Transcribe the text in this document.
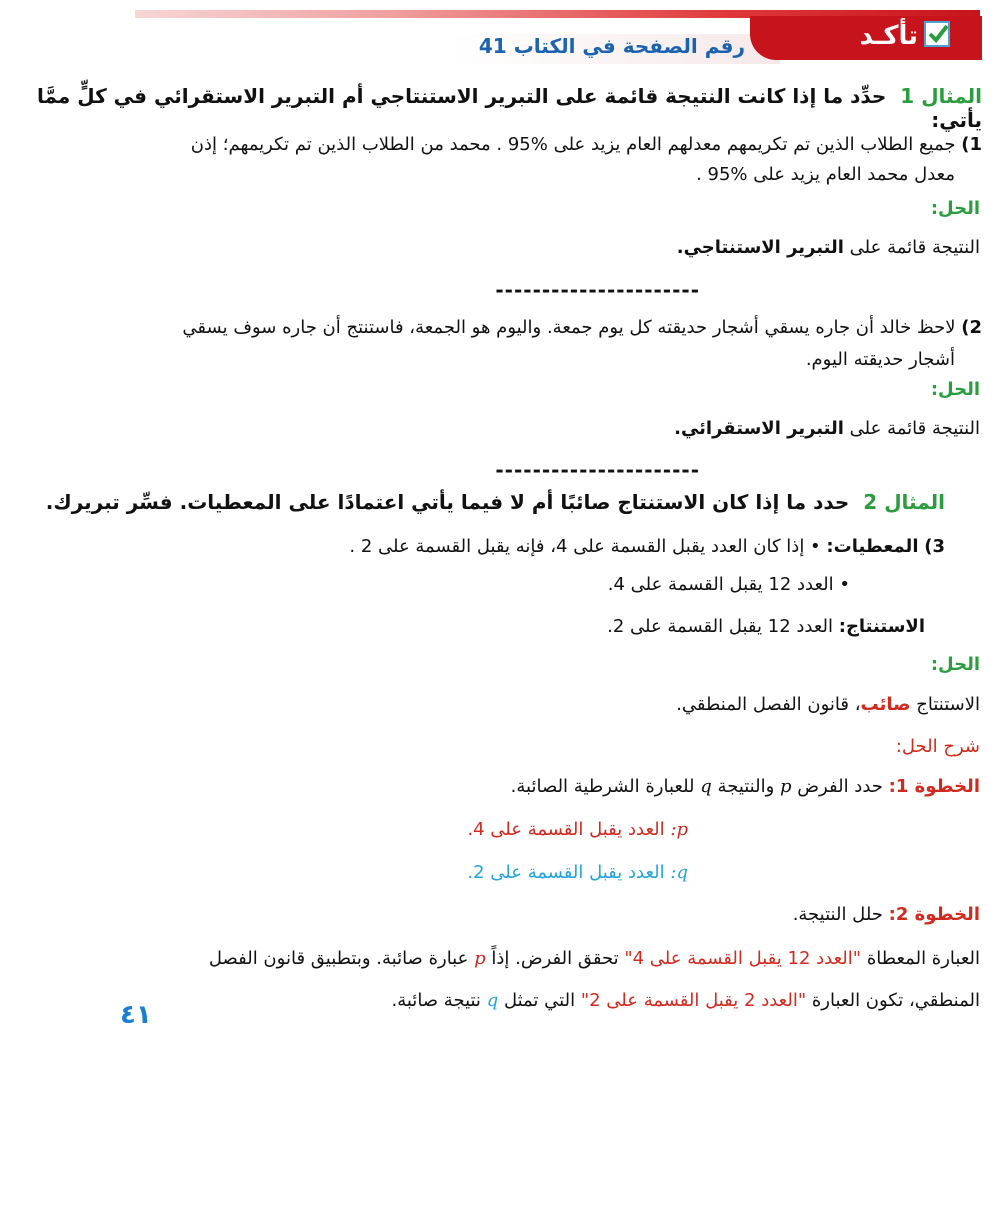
تأكـد
رقم الصفحة في الكتاب 41
المثال 1  حدِّد ما إذا كانت النتيجة قائمة على التبرير الاستنتاجي أم التبرير الاستقرائي في كلٍّ ممَّا يأتي:
1) جميع الطلاب الذين تم تكريمهم معدلهم العام يزيد على %95 . محمد من الطلاب الذين تم تكريمهم؛ إذن
معدل محمد العام يزيد على %95 .
الحل:
النتيجة قائمة على التبرير الاستنتاجي.
----------------------
2) لاحظ خالد أن جاره يسقي أشجار حديقته كل يوم جمعة. واليوم هو الجمعة، فاستنتج أن جاره سوف يسقي
أشجار حديقته اليوم.
الحل:
النتيجة قائمة على التبرير الاستقرائي.
----------------------
المثال 2  حدد ما إذا كان الاستنتاج صائبًا أم لا فيما يأتي اعتمادًا على المعطيات. فسِّر تبريرك.
3) المعطيات: • إذا كان العدد يقبل القسمة على 4، فإنه يقبل القسمة على 2 .
• العدد 12 يقبل القسمة على 4.
الاستنتاج: العدد 12 يقبل القسمة على 2.
الحل:
الاستنتاج صائب، قانون الفصل المنطقي.
شرح الحل:
الخطوة 1: حدد الفرض p والنتيجة q للعبارة الشرطية الصائبة.
p: العدد يقبل القسمة على 4.
q: العدد يقبل القسمة على 2.
الخطوة 2: حلل النتيجة.
العبارة المعطاة "العدد 12 يقبل القسمة على 4" تحقق الفرض. إذاً p عبارة صائبة. وبتطبيق قانون الفصل
المنطقي، تكون العبارة "العدد 2 يقبل القسمة على 2" التي تمثل q نتيجة صائبة.
٤١
